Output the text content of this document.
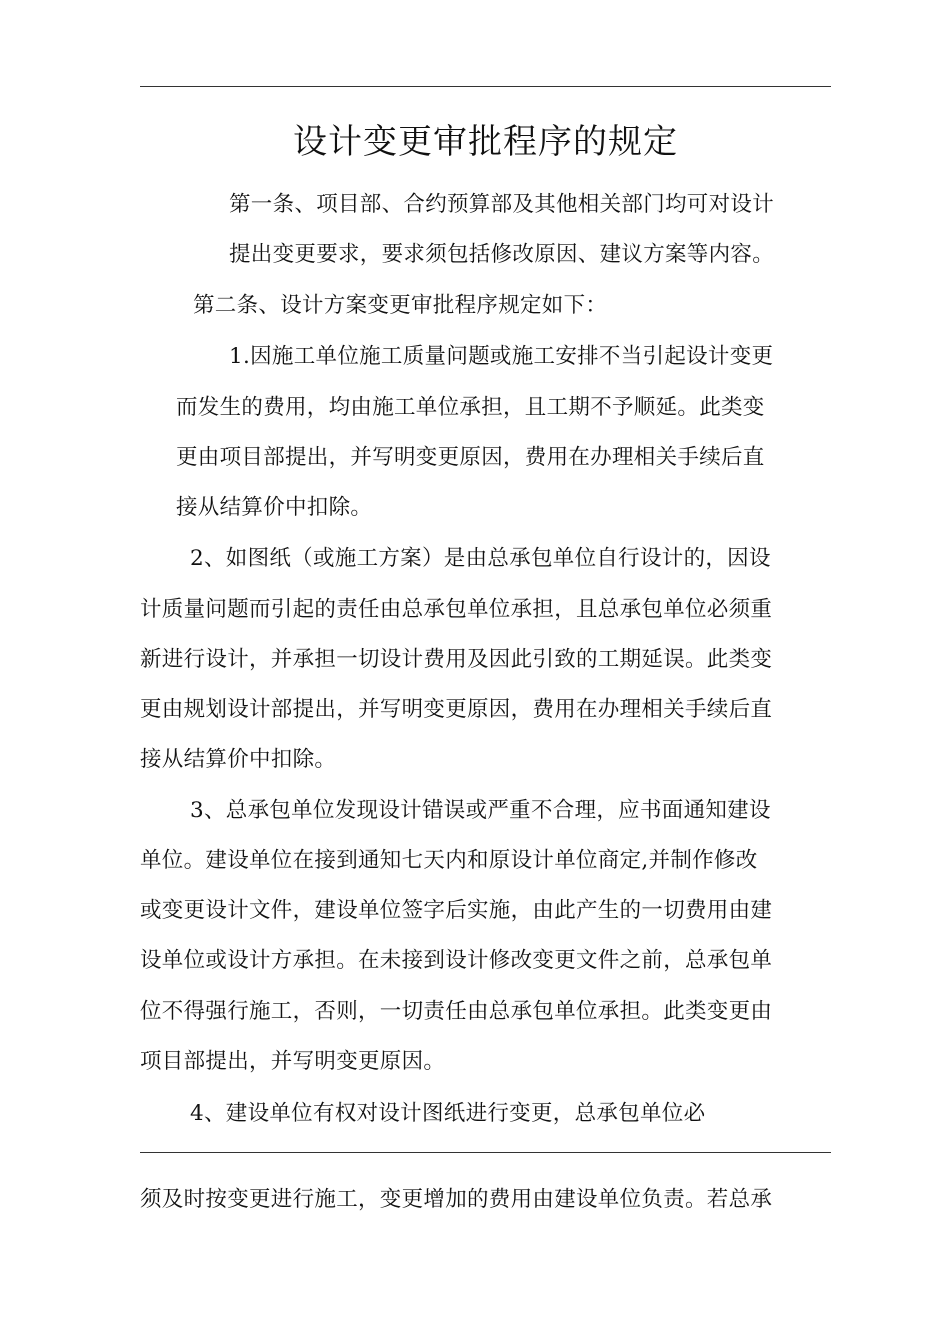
设计变更审批程序的规定
第一条、项目部、合约预算部及其他相关部门均可对设计
提出变更要求，要求须包括修改原因、建议方案等内容。
第二条、设计方案变更审批程序规定如下：
1.因施工单位施工质量问题或施工安排不当引起设计变更
而发生的费用，均由施工单位承担，且工期不予顺延。此类变
更由项目部提出，并写明变更原因，费用在办理相关手续后直
接从结算价中扣除。
2、如图纸（或施工方案）是由总承包单位自行设计的，因设
计质量问题而引起的责任由总承包单位承担，且总承包单位必须重
新进行设计，并承担一切设计费用及因此引致的工期延误。此类变
更由规划设计部提出，并写明变更原因，费用在办理相关手续后直
接从结算价中扣除。
3、总承包单位发现设计错误或严重不合理，应书面通知建设
单位。建设单位在接到通知七天内和原设计单位商定,并制作修改
或变更设计文件，建设单位签字后实施，由此产生的一切费用由建
设单位或设计方承担。在未接到设计修改变更文件之前，总承包单
位不得强行施工，否则，一切责任由总承包单位承担。此类变更由
项目部提出，并写明变更原因。
4、建设单位有权对设计图纸进行变更，总承包单位必
须及时按变更进行施工，变更增加的费用由建设单位负责。若总承
